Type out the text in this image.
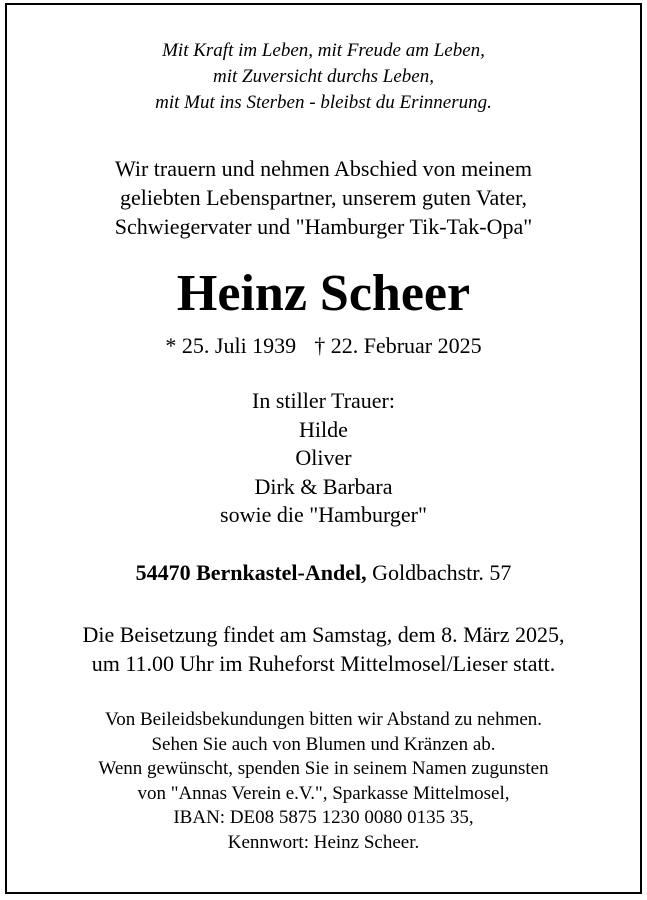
Mit Kraft im Leben, mit Freude am Leben,
mit Zuversicht durchs Leben,
mit Mut ins Sterben - bleibst du Erinnerung.
Wir trauern und nehmen Abschied von meinem
geliebten Lebenspartner, unserem guten Vater,
Schwiegervater und "Hamburger Tik-Tak-Opa"
Heinz Scheer
* 25. Juli 1939 † 22. Februar 2025
In stiller Trauer:
Hilde
Oliver
Dirk & Barbara
sowie die "Hamburger"
54470 Bernkastel-Andel, Goldbachstr. 57
Die Beisetzung findet am Samstag, dem 8. März 2025,
um 11.00 Uhr im Ruheforst Mittelmosel/Lieser statt.
Von Beileidsbekundungen bitten wir Abstand zu nehmen.
Sehen Sie auch von Blumen und Kränzen ab.
Wenn gewünscht, spenden Sie in seinem Namen zugunsten
von "Annas Verein e.V.", Sparkasse Mittelmosel,
IBAN: DE08 5875 1230 0080 0135 35,
Kennwort: Heinz Scheer.
